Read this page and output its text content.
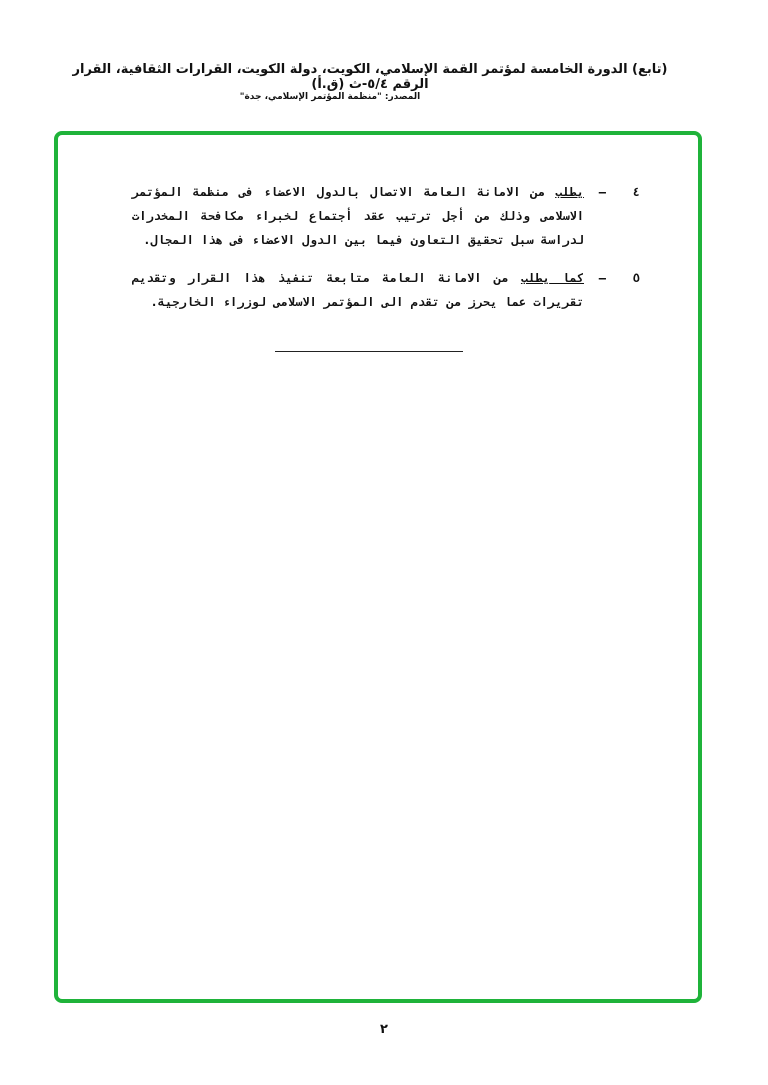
(تابع) الدورة الخامسة لمؤتمر القمة الإسلامي، الكويت، دولة الكويت، القرارات الثقافية، القرار الرقم ٥/٤-ث (ق.أ)
المصدر: "منظمة المؤتمر الإسلامي، جدة"
٤
–
يطلب من الامانة العامة الاتصال بالدول الاعضاء فى منظمة المؤتمر الاسلامى وذلك من أجل ترتيب عقد أجتماع لخبراء مكافحة المخدرات لدراسة سبل تحقيق التعاون فيما بين الدول الاعضاء فى هذا المجال.
٥
–
كما يطلب من الامانة العامة متابعة تنفيذ هذا القرار وتقديم تقريرات عما يحرز من تقدم الى المؤتمر الاسلامى لوزراء الخارجية.
٢
